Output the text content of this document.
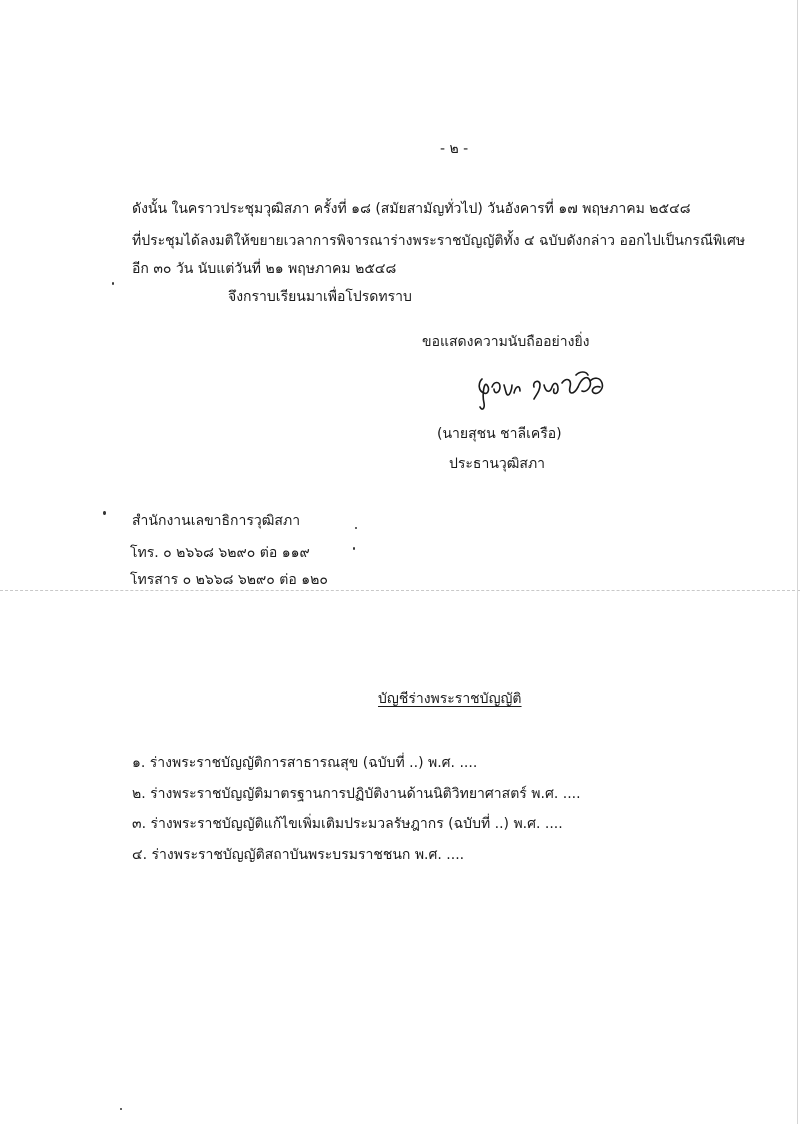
- ๒ -
ดังนั้น ในคราวประชุมวุฒิสภา ครั้งที่ ๑๘ (สมัยสามัญทั่วไป) วันอังคารที่ ๑๗ พฤษภาคม ๒๕๔๘
ที่ประชุมได้ลงมติให้ขยายเวลาการพิจารณาร่างพระราชบัญญัติทั้ง ๔ ฉบับดังกล่าว ออกไปเป็นกรณีพิเศษ
อีก ๓๐ วัน นับแต่วันที่ ๒๑ พฤษภาคม ๒๕๔๘
จึงกราบเรียนมาเพื่อโปรดทราบ
ขอแสดงความนับถืออย่างยิ่ง
(นายสุชน ชาลีเครือ)
ประธานวุฒิสภา
สำนักงานเลขาธิการวุฒิสภา
โทร. ๐ ๒๖๖๘ ๖๒๙๐ ต่อ ๑๑๙
โทรสาร ๐ ๒๖๖๘ ๖๒๙๐ ต่อ ๑๒๐
บัญชีร่างพระราชบัญญัติ
๑. ร่างพระราชบัญญัติการสาธารณสุข (ฉบับที่ ..) พ.ศ. ....
๒. ร่างพระราชบัญญัติมาตรฐานการปฏิบัติงานด้านนิติวิทยาศาสตร์ พ.ศ. ....
๓. ร่างพระราชบัญญัติแก้ไขเพิ่มเติมประมวลรัษฎากร (ฉบับที่ ..) พ.ศ. ....
๔. ร่างพระราชบัญญัติสถาบันพระบรมราชชนก พ.ศ. ....
